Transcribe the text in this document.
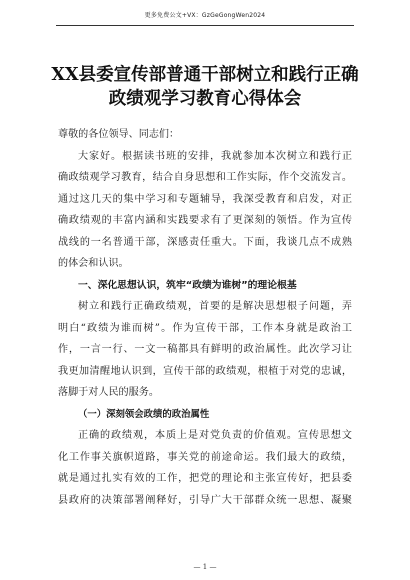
更多免费公文+VX：GzGeGongWen2024
XX县委宣传部普通干部树立和践行正确
政绩观学习教育心得体会
尊敬的各位领导、同志们：
大家好。根据读书班的安排，我就参加本次树立和践行正
确政绩观学习教育，结合自身思想和工作实际，作个交流发言。
通过这几天的集中学习和专题辅导，我深受教育和启发，对正
确政绩观的丰富内涵和实践要求有了更深刻的领悟。作为宣传
战线的一名普通干部，深感责任重大。下面，我谈几点不成熟
的体会和认识。
一、深化思想认识，筑牢“政绩为谁树”的理论根基
树立和践行正确政绩观，首要的是解决思想根子问题，弄
明白“政绩为谁而树”。作为宣传干部，工作本身就是政治工
作，一言一行、一文一稿都具有鲜明的政治属性。此次学习让
我更加清醒地认识到，宣传干部的政绩观，根植于对党的忠诚，
落脚于对人民的服务。
（一）深刻领会政绩的政治属性
正确的政绩观，本质上是对党负责的价值观。宣传思想文
化工作事关旗帜道路，事关党的前途命运。我们最大的政绩，
就是通过扎实有效的工作，把党的理论和主张宣传好，把县委
县政府的决策部署阐释好，引导广大干部群众统一思想、凝聚
— 1 —
